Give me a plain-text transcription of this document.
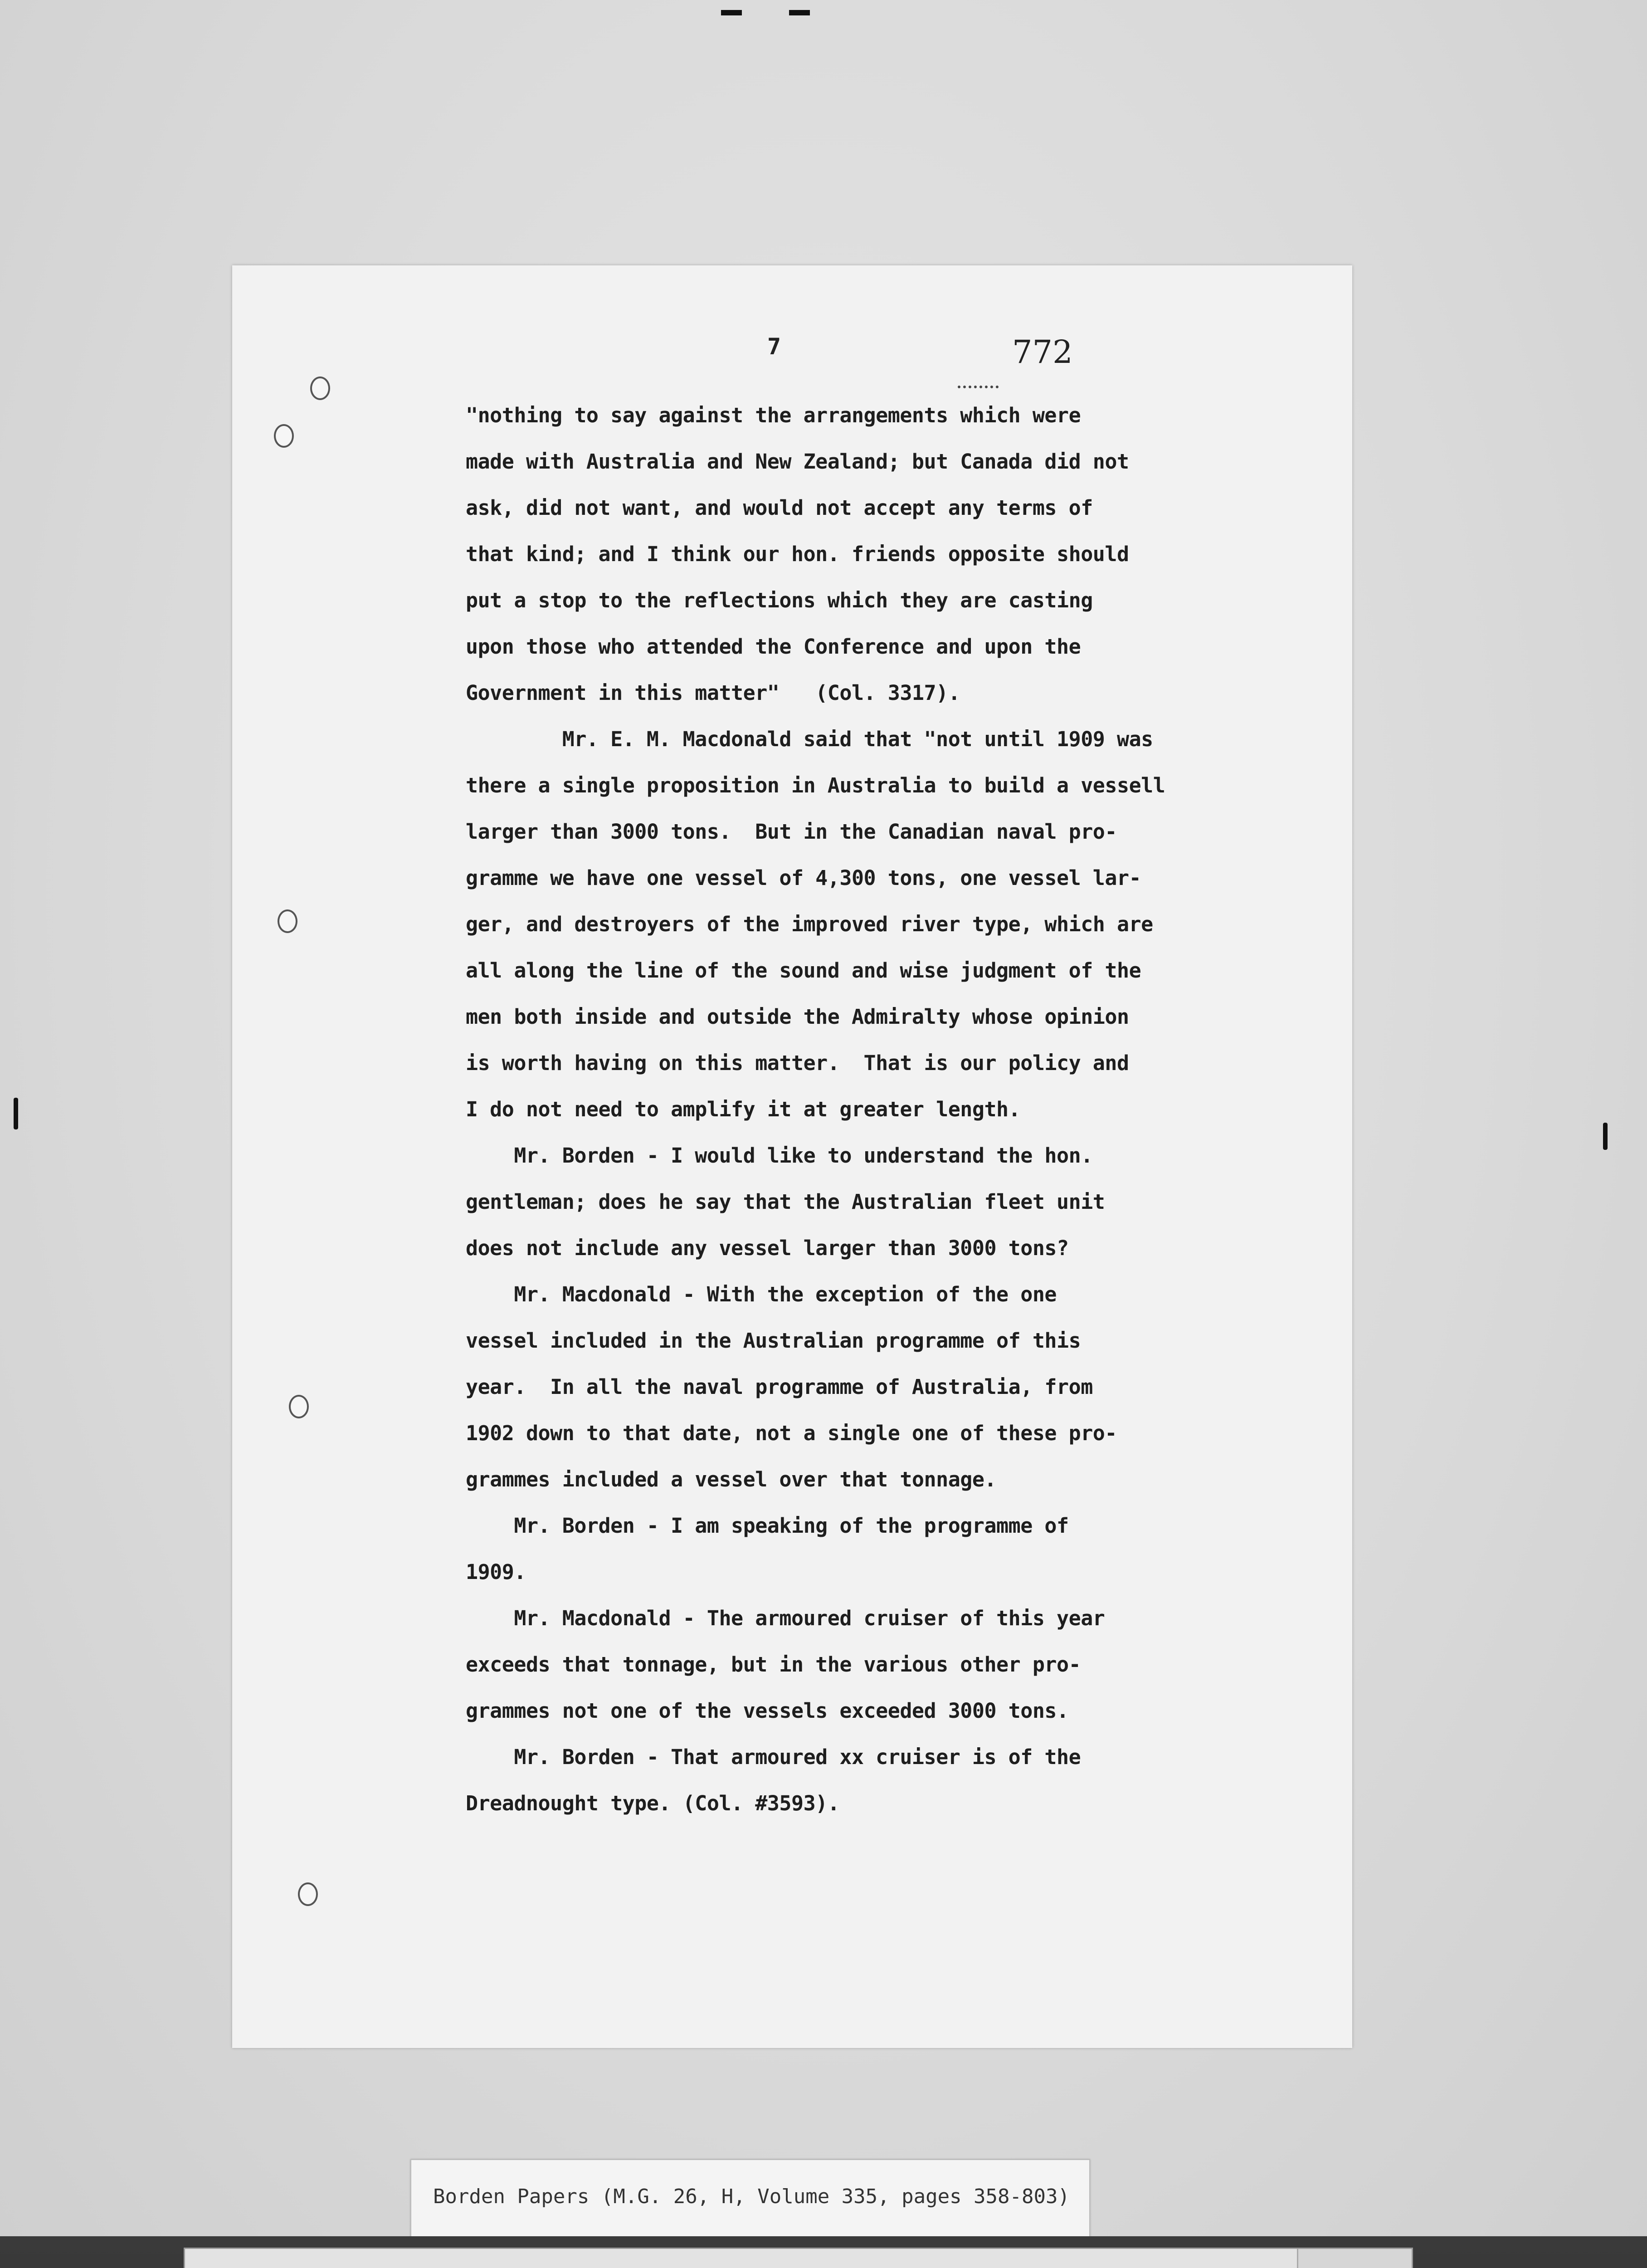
7	772
"nothing to say against the arrangements which were
made with Australia and New Zealand; but Canada did not
ask, did not want, and would not accept any terms of
that kind; and I think our hon. friends opposite should
put a stop to the reflections which they are casting
upon those who attended the Conference and upon the
Government in this matter"   (Col. 3317).
Mr. E. M. Macdonald said that "not until 1909 was
there a single proposition in Australia to build a vessell
larger than 3000 tons.  But in the Canadian naval pro-
gramme we have one vessel of 4,300 tons, one vessel lar-
ger, and destroyers of the improved river type, which are
all along the line of the sound and wise judgment of the
men both inside and outside the Admiralty whose opinion
is worth having on this matter.  That is our policy and
I do not need to amplify it at greater length.
Mr. Borden - I would like to understand the hon.
gentleman; does he say that the Australian fleet unit
does not include any vessel larger than 3000 tons?
Mr. Macdonald - With the exception of the one
vessel included in the Australian programme of this
year.  In all the naval programme of Australia, from
1902 down to that date, not a single one of these pro-
grammes included a vessel over that tonnage.
Mr. Borden - I am speaking of the programme of
1909.
Mr. Macdonald - The armoured cruiser of this year
exceeds that tonnage, but in the various other pro-
grammes not one of the vessels exceeded 3000 tons.
Mr. Borden - That armoured xx cruiser is of the
Dreadnought type. (Col. #3593).
Borden Papers (M.G. 26, H, Volume 335, pages 358-803)
